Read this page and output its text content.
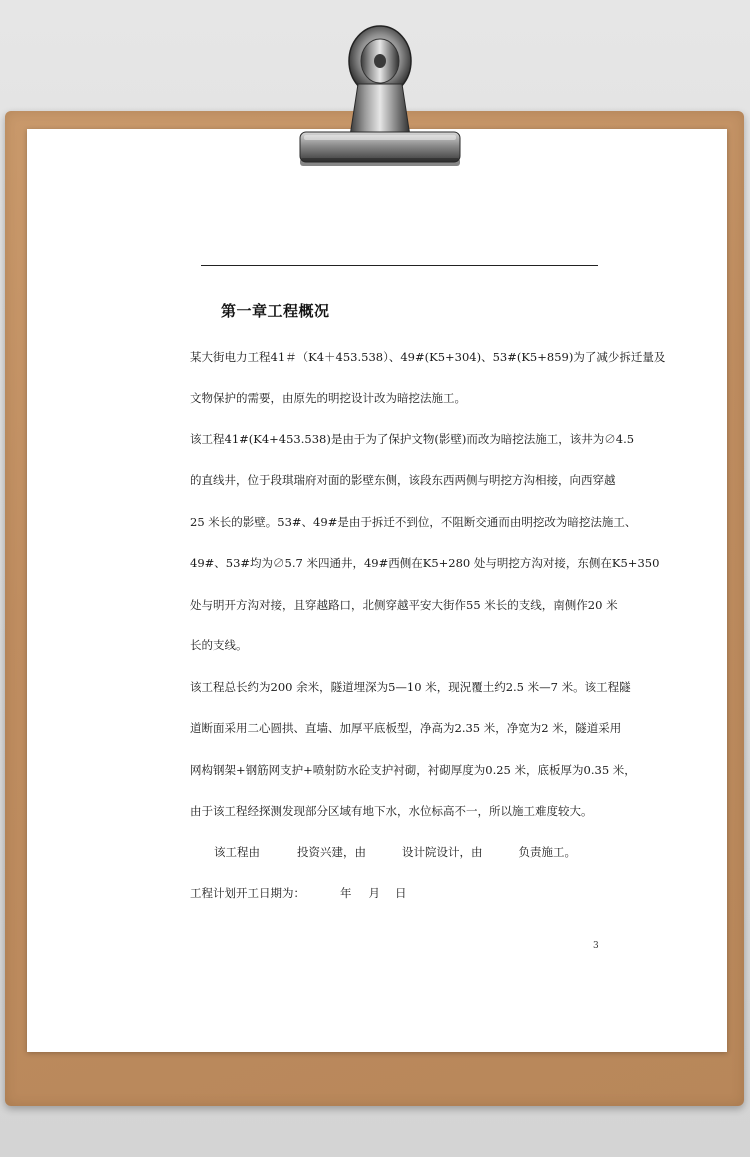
第一章工程概况
某大街电力工程41＃（K4＋453.538）、49#(K5+304)、53#(K5+859)为了减少拆迁量及
文物保护的需要，由原先的明挖设计改为暗挖法施工。
该工程41#(K4+453.538)是由于为了保护文物(影壁)而改为暗挖法施工，该井为∅4.5
的直线井，位于段琪瑞府对面的影壁东侧，该段东西两侧与明挖方沟相接，向西穿越
25 米长的影壁。53#、49#是由于拆迁不到位，不阻断交通而由明挖改为暗挖法施工、
49#、53#均为∅5.7 米四通井，49#西侧在K5+280 处与明挖方沟对接，东侧在K5+350
处与明开方沟对接，且穿越路口，北侧穿越平安大街作55 米长的支线，南侧作20 米
长的支线。
该工程总长约为200 余米，隧道埋深为5—10 米，现況覆土约2.5 米—7 米。该工程隧
道断面采用二心圆拱、直墙、加厚平底板型，净高为2.35 米，净宽为2 米，隧道采用
网构钢架+钢筋网支护+喷射防水砼支护衬砌，衬砌厚度为0.25 米，底板厚为0.35 米，
由于该工程经探测发现部分区域有地下水，水位标高不一，所以施工难度较大。
该工程由	投资兴建，由	设计院设计，由	负责施工。
工程计划开工日期为：	年 月 日
3
